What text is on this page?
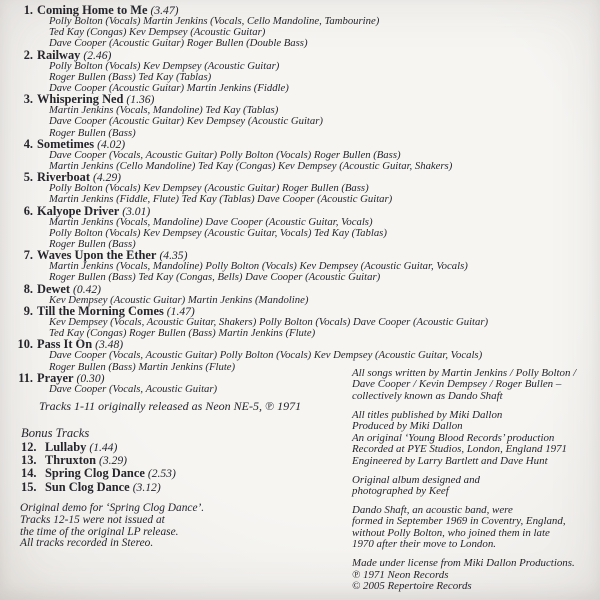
1. Coming Home to Me (3.47)
Polly Bolton (Vocals) Martin Jenkins (Vocals, Cello Mandoline, Tambourine)
Ted Kay (Congas) Kev Dempsey (Acoustic Guitar)
Dave Cooper (Acoustic Guitar) Roger Bullen (Double Bass)
2. Railway (2.46)
Polly Bolton (Vocals) Kev Dempsey (Acoustic Guitar)
Roger Bullen (Bass) Ted Kay (Tablas)
Dave Cooper (Acoustic Guitar) Martin Jenkins (Fiddle)
3. Whispering Ned (1.36)
Martin Jenkins (Vocals, Mandoline) Ted Kay (Tablas)
Dave Cooper (Acoustic Guitar) Kev Dempsey (Acoustic Guitar)
Roger Bullen (Bass)
4. Sometimes (4.02)
Dave Cooper (Vocals, Acoustic Guitar) Polly Bolton (Vocals) Roger Bullen (Bass)
Martin Jenkins (Cello Mandoline) Ted Kay (Congas) Kev Dempsey (Acoustic Guitar, Shakers)
5. Riverboat (4.29)
Polly Bolton (Vocals) Kev Dempsey (Acoustic Guitar) Roger Bullen (Bass)
Martin Jenkins (Fiddle, Flute) Ted Kay (Tablas) Dave Cooper (Acoustic Guitar)
6. Kalyope Driver (3.01)
Martin Jenkins (Vocals, Mandoline) Dave Cooper (Acoustic Guitar, Vocals)
Polly Bolton (Vocals) Kev Dempsey (Acoustic Guitar, Vocals) Ted Kay (Tablas)
Roger Bullen (Bass)
7. Waves Upon the Ether (4.35)
Martin Jenkins (Vocals, Mandoline) Polly Bolton (Vocals) Kev Dempsey (Acoustic Guitar, Vocals)
Roger Bullen (Bass) Ted Kay (Congas, Bells) Dave Cooper (Acoustic Guitar)
8. Dewet (0.42)
Kev Dempsey (Acoustic Guitar) Martin Jenkins (Mandoline)
9. Till the Morning Comes (1.47)
Kev Dempsey (Vocals, Acoustic Guitar, Shakers) Polly Bolton (Vocals) Dave Cooper (Acoustic Guitar)
Ted Kay (Congas) Roger Bullen (Bass) Martin Jenkins (Flute)
10. Pass It On (3.48)
Dave Cooper (Vocals, Acoustic Guitar) Polly Bolton (Vocals) Kev Dempsey (Acoustic Guitar, Vocals)
Roger Bullen (Bass) Martin Jenkins (Flute)
11. Prayer (0.30)
Dave Cooper (Vocals, Acoustic Guitar)
Tracks 1-11 originally released as Neon NE-5, ℗ 1971
Bonus Tracks
12. Lullaby (1.44)
13. Thruxton (3.29)
14. Spring Clog Dance (2.53)
15. Sun Clog Dance (3.12)
Original demo for ‘Spring Clog Dance’.
Tracks 12-15 were not issued at
the time of the original LP release.
All tracks recorded in Stereo.
All songs written by Martin Jenkins / Polly Bolton /
Dave Cooper / Kevin Dempsey / Roger Bullen –
collectively known as Dando Shaft
All titles published by Miki Dallon
Produced by Miki Dallon
An original ‘Young Blood Records’ production
Recorded at PYE Studios, London, England 1971
Engineered by Larry Bartlett and Dave Hunt
Original album designed and
photographed by Keef
Dando Shaft, an acoustic band, were
formed in September 1969 in Coventry, England,
without Polly Bolton, who joined them in late
1970 after their move to London.
Made under license from Miki Dallon Productions.
℗ 1971 Neon Records
© 2005 Repertoire Records
